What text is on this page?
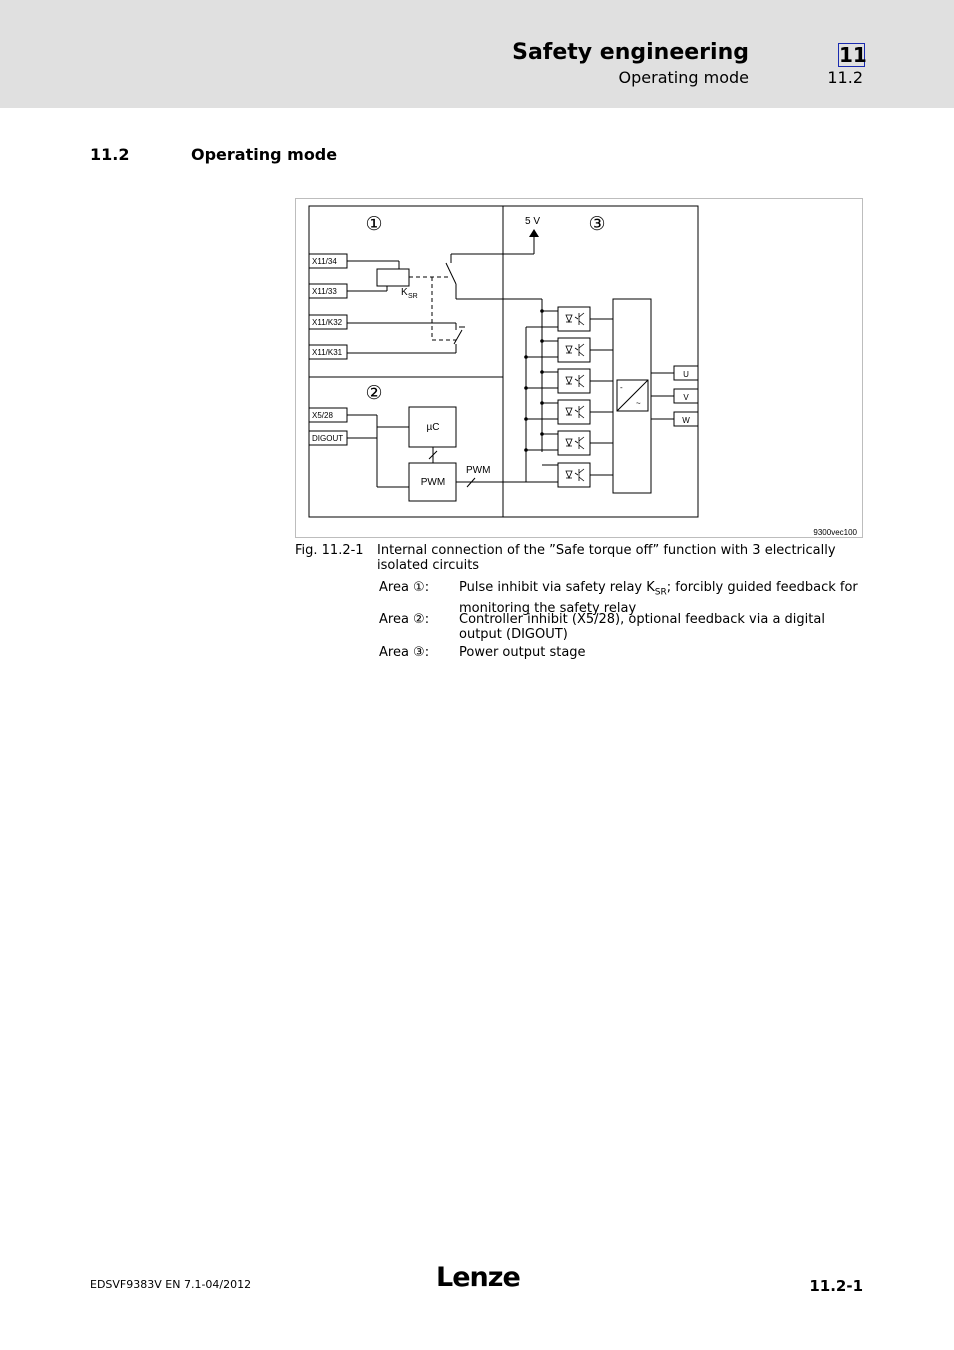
Safety engineering
Operating mode
11
11.2
11.2	Operating mode
①
②
③
5 V
X11/34
X11/33
X11/K32
X11/K31
X5/28
DIGOUT
K SR
µC
PWM
PWM
U
V
W
-
~
9300vec100
Fig. 11.2-1 Internal connection of the ”Safe torque off” function with 3 electrically isolated circuits
Area ①: Pulse inhibit via safety relay $K_{SR}$; forcibly guided feedback for monitoring the safety relay
Area ②: Controller inhibit (X5/28), optional feedback via a digital output (DIGOUT)
Area ③: Power output stage
EDSVF9383V EN 7.1-04/2012	Lenze	11.2-1
